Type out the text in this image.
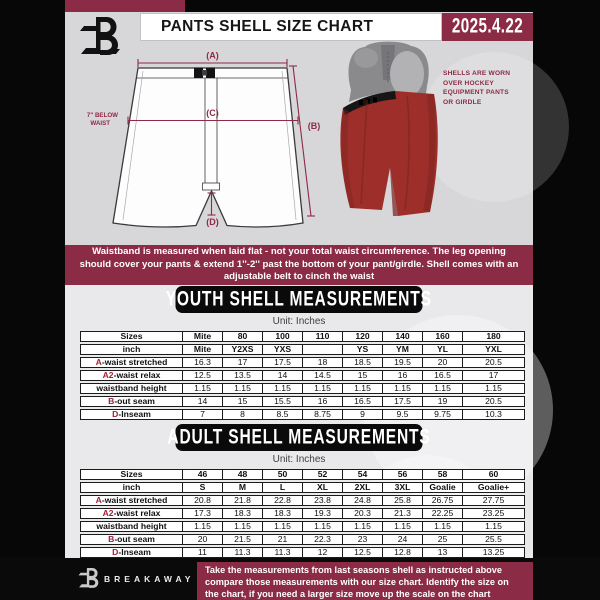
PANTS SHELL SIZE CHART	2025.4.22
(A)
(C)
(B)
(D)
7" BELOW
WAIST
SHELLS ARE WORN OVER HOCKEY EQUIPMENT PANTS OR GIRDLE
Waistband is measured when laid flat - not your total waist circumference. The leg opening should cover your pants & extend 1''-2'' past the bottom of your pant/girdle. Shell comes with an adjustable belt to cinch the waist
YOUTH SHELL MEASUREMENTS
Unit: Inches
Sizes	Mite	80	100	110	120	140	160	180
inch	Mite	Y2XS	YXS		YS	YM	YL	YXL
A-waist stretched	16.3	17	17.5	18	18.5	19.5	20	20.5
A2-waist relax	12.5	13.5	14	14.5	15	16	16.5	17
waistband height	1.15	1.15	1.15	1.15	1.15	1.15	1.15	1.15
B-out seam	14	15	15.5	16	16.5	17.5	19	20.5
D-Inseam	7	8	8.5	8.75	9	9.5	9.75	10.3
ADULT SHELL MEASUREMENTS
Unit: Inches
Sizes	46	48	50	52	54	56	58	60
inch	S	M	L	XL	2XL	3XL	Goalie	Goalie+
A-waist stretched	20.8	21.8	22.8	23.8	24.8	25.8	26.75	27.75
A2-waist relax	17.3	18.3	18.3	19.3	20.3	21.3	22.25	23.25
waistband height	1.15	1.15	1.15	1.15	1.15	1.15	1.15	1.15
B-out seam	20	21.5	21	22.3	23	24	25	25.5
D-Inseam	11	11.3	11.3	12	12.5	12.8	13	13.25
BREAKAWAY
Take the measurements from last seasons shell as instructed above compare those measurements with our size chart. Identify the size on the chart, if you need a larger size move up the scale on the chart
